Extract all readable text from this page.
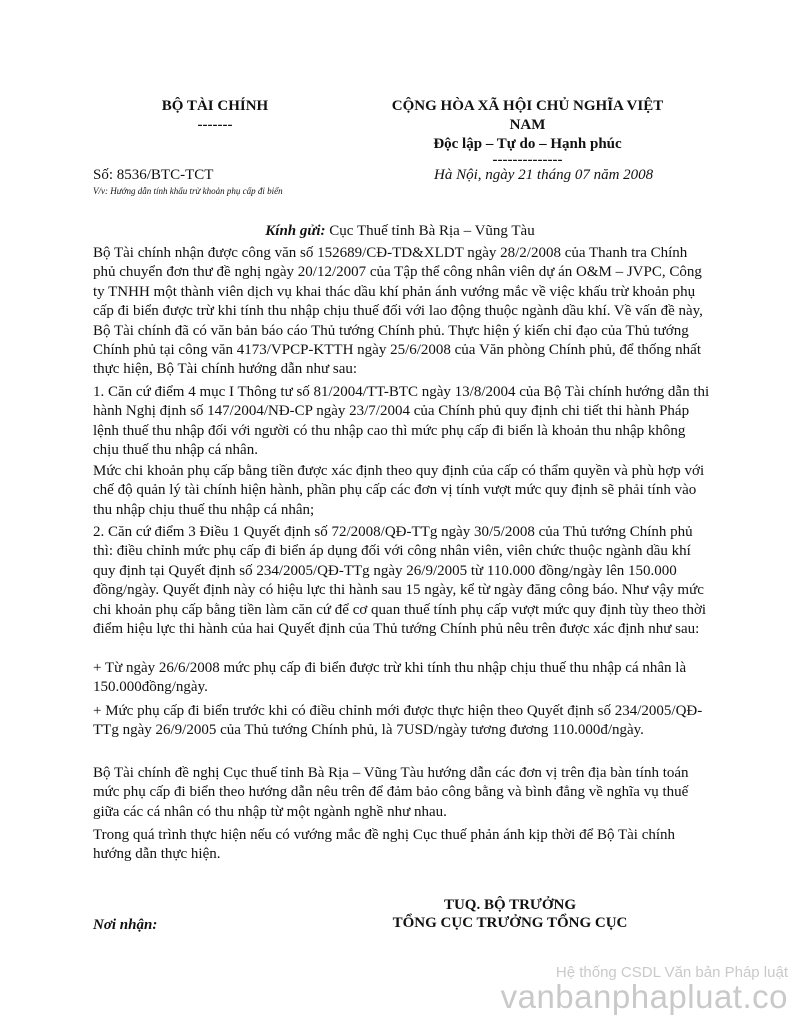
BỘ TÀI CHÍNH
-------
CỘNG HÒA XÃ HỘI CHỦ NGHĨA VIỆT
NAM
Độc lập – Tự do – Hạnh phúc
--------------
Số: 8536/BTC-TCT
V/v: Hướng dẫn tính khấu trừ khoản phụ cấp đi biển
Hà Nội, ngày 21 tháng 07 năm 2008
Kính gửi: Cục Thuế tỉnh Bà Rịa – Vũng Tàu

Bộ Tài chính nhận được công văn số 152689/CĐ-TD&XLDT ngày 28/2/2008 của Thanh tra Chính phủ chuyển đơn thư đề nghị ngày 20/12/2007 của Tập thể công nhân viên dự án O&M – JVPC, Công ty TNHH một thành viên dịch vụ khai thác dầu khí phản ánh vướng mắc về việc khấu trừ khoản phụ cấp đi biển được trừ khi tính thu nhập chịu thuế đối với lao động thuộc ngành dầu khí. Về vấn đề này, Bộ Tài chính đã có văn bản báo cáo Thủ tướng Chính phủ. Thực hiện ý kiến chỉ đạo của Thủ tướng Chính phủ tại công văn 4173/VPCP-KTTH ngày 25/6/2008 của Văn phòng Chính phủ, để thống nhất thực hiện, Bộ Tài chính hướng dẫn như sau:

1. Căn cứ điểm 4 mục I Thông tư số 81/2004/TT-BTC ngày 13/8/2004 của Bộ Tài chính hướng dẫn thi hành Nghị định số 147/2004/NĐ-CP ngày 23/7/2004 của Chính phủ quy định chi tiết thi hành Pháp lệnh thuế thu nhập đối với người có thu nhập cao thì mức phụ cấp đi biển là khoản thu nhập không chịu thuế thu nhập cá nhân.

Mức chi khoản phụ cấp bằng tiền được xác định theo quy định của cấp có thẩm quyền và phù hợp với chế độ quản lý tài chính hiện hành, phần phụ cấp các đơn vị tính vượt mức quy định sẽ phải tính vào thu nhập chịu thuế thu nhập cá nhân;

2. Căn cứ điểm 3 Điều 1 Quyết định số 72/2008/QĐ-TTg ngày 30/5/2008 của Thủ tướng Chính phủ thì: điều chỉnh mức phụ cấp đi biển áp dụng đối với công nhân viên, viên chức thuộc ngành dầu khí quy định tại Quyết định số 234/2005/QĐ-TTg ngày 26/9/2005 từ 110.000 đồng/ngày lên 150.000 đồng/ngày. Quyết định này có hiệu lực thi hành sau 15 ngày, kể từ ngày đăng công báo. Như vậy mức chi khoản phụ cấp bằng tiền làm căn cứ để cơ quan thuế tính phụ cấp vượt mức quy định tùy theo thời điểm hiệu lực thi hành của hai Quyết định của Thủ tướng Chính phủ nêu trên được xác định như sau:

+ Từ ngày 26/6/2008 mức phụ cấp đi biển được trừ khi tính thu nhập chịu thuế thu nhập cá nhân là 150.000đồng/ngày.

+ Mức phụ cấp đi biển trước khi có điều chỉnh mới được thực hiện theo Quyết định số 234/2005/QĐ-TTg ngày 26/9/2005 của Thủ tướng Chính phủ, là 7USD/ngày tương đương 110.000đ/ngày.

Bộ Tài chính đề nghị Cục thuế tỉnh Bà Rịa – Vũng Tàu hướng dẫn các đơn vị trên địa bàn tính toán mức phụ cấp đi biển theo hướng dẫn nêu trên để đảm bảo công bằng và bình đẳng về nghĩa vụ thuế giữa các cá nhân có thu nhập từ một ngành nghề như nhau.

Trong quá trình thực hiện nếu có vướng mắc đề nghị Cục thuế phản ánh kịp thời để Bộ Tài chính hướng dẫn thực hiện.

Nơi nhận:
TUQ. BỘ TRƯỞNG
TỔNG CỤC TRƯỞNG TỔNG CỤC
Hệ thống CSDL Văn bản Pháp luật
vanbanphapluat.co
